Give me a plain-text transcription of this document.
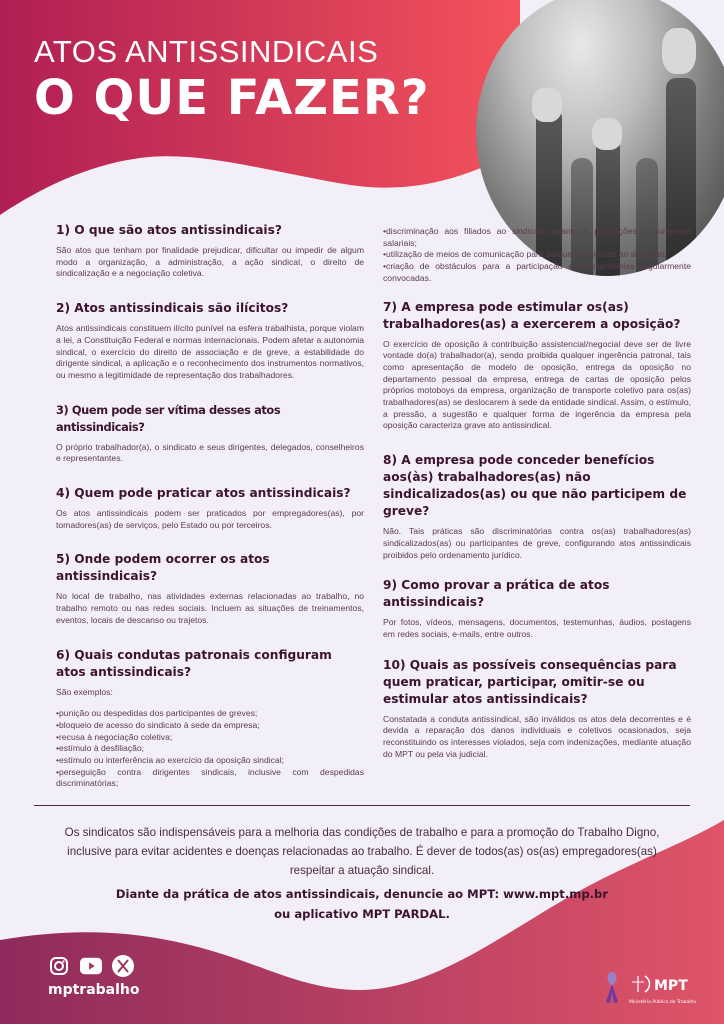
ATOS ANTISSINDICAIS
O QUE FAZER?

1) O que são atos antissindicais?

São atos que tenham por finalidade prejudicar, dificultar ou impedir de algum modo a organização, a administração, a ação sindical, o direito de sindicalização e a negociação coletiva.

2) Atos antissindicais são ilícitos?

Atos antissindicais constituem ilícito punível na esfera trabalhista, porque violam a lei, a Constituição Federal e normas internacionais. Podem afetar a autonomia sindical, o exercício do direito de associação e de greve, a estabilidade do dirigente sindical, a aplicação e o reconhecimento dos instrumentos normativos, ou mesmo a legitimidade de representação dos trabalhadores.

3) Quem pode ser vítima desses atos antissindicais?

O próprio trabalhador(a), o sindicato e seus dirigentes, delegados, conselheiros e representantes.

4) Quem pode praticar atos antissindicais?

Os atos antissindicais podem ser praticados por empregadores(as), por tomadores(as) de serviços, pelo Estado ou por terceiros.

5) Onde podem ocorrer os atos antissindicais?

No local de trabalho, nas atividades externas relacionadas ao trabalho, no trabalho remoto ou nas redes sociais. Incluem as situações de treinamentos, eventos, locais de descanso ou trajetos.

6) Quais condutas patronais configuram atos antissindicais?

São exemplos:

• punição ou despedidas dos participantes de greves;
• bloqueio de acesso do sindicato à sede da empresa;
• recusa à negociação coletiva;
• estímulo à desfiliação;
• estímulo ou interferência ao exercício da oposição sindical;
• perseguição contra dirigentes sindicais, inclusive com despedidas discriminatórias;
• discriminação aos filiados ao sindicato quanto a promoções e aumentos salariais;
• utilização de meios de comunicação para ataques e ofensas ao sindicato;
• criação de obstáculos para a participação em assembleias regularmente convocadas.

7) A empresa pode estimular os(as) trabalhadores(as) a exercerem a oposição?

O exercício de oposição à contribuição assistencial/negocial deve ser de livre vontade do(a) trabalhador(a), sendo proibida qualquer ingerência patronal, tais como apresentação de modelo de oposição, entrega da oposição no departamento pessoal da empresa, entrega de cartas de oposição pelos próprios motoboys da empresa, organização de transporte coletivo para os(as) trabalhadores(as) se deslocarem à sede da entidade sindical. Assim, o estímulo, a pressão, a sugestão e qualquer forma de ingerência da empresa pela oposição caracteriza grave ato antissindical.

8) A empresa pode conceder benefícios aos(às) trabalhadores(as) não sindicalizados(as) ou que não participem de greve?

Não. Tais práticas são discriminatórias contra os(as) trabalhadores(as) sindicalizados(as) ou participantes de greve, configurando atos antissindicais proibidos pelo ordenamento jurídico.

9) Como provar a prática de atos antissindicais?

Por fotos, vídeos, mensagens, documentos, testemunhas, áudios, postagens em redes sociais, e-mails, entre outros.

10) Quais as possíveis consequências para quem praticar, participar, omitir-se ou estimular atos antissindicais?

Constatada a conduta antissindical, são inválidos os atos dela decorrentes e é devida a reparação dos danos individuais e coletivos ocasionados, seja reconstituindo os interesses violados, seja com indenizações, mediante atuação do MPT ou pela via judicial.

Os sindicatos são indispensáveis para a melhoria das condições de trabalho e para a promoção do Trabalho Digno, inclusive para evitar acidentes e doenças relacionadas ao trabalho. É dever de todos(as) os(as) empregadores(as) respeitar a atuação sindical.
Diante da prática de atos antissindicais, denuncie ao MPT: www.mpt.mp.br
ou aplicativo MPT PARDAL.
mptrabalho	MPT
Ministério Público do Trabalho
